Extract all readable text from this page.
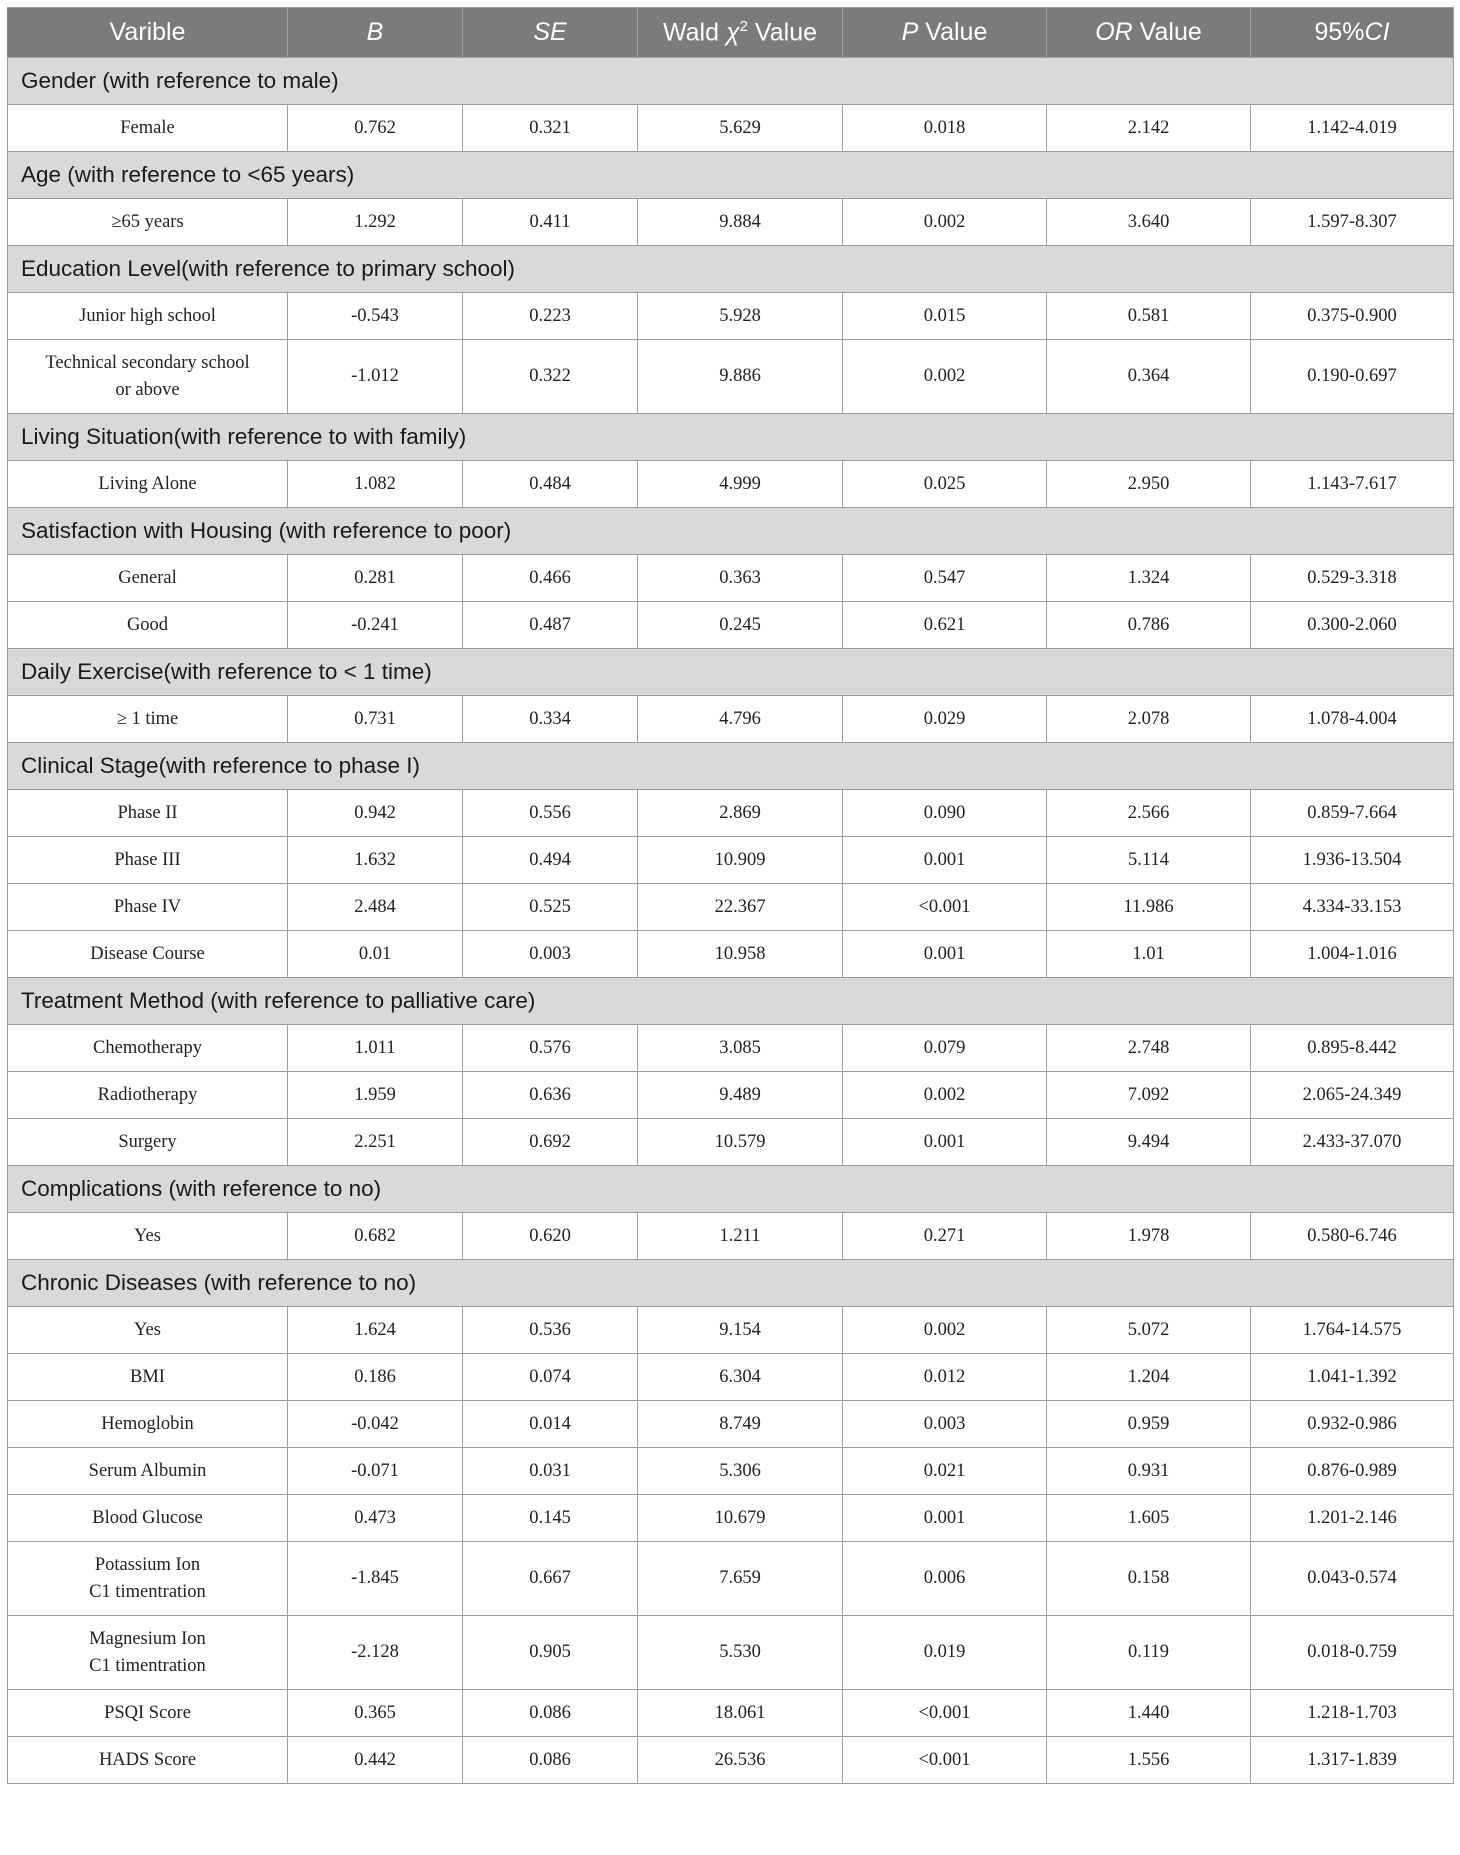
Varible	B	SE	Wald $\chi^2$ Value	P Value	OR Value	95%CI
Gender (with reference to male)						

Female	0.762	0.321	5.629	0.018	2.142	1.142-4.019
Age (with reference to <65 years)						

≥65 years	1.292	0.411	9.884	0.002	3.640	1.597-8.307
Education Level(with reference to primary school)						

Junior high school	-0.543	0.223	5.928	0.015	0.581	0.375-0.900

Technical secondary school
or above	-1.012	0.322	9.886	0.002	0.364	0.190-0.697
Living Situation(with reference to with family)						

Living Alone	1.082	0.484	4.999	0.025	2.950	1.143-7.617
Satisfaction with Housing (with reference to poor)						

General	0.281	0.466	0.363	0.547	1.324	0.529-3.318

Good	-0.241	0.487	0.245	0.621	0.786	0.300-2.060
Daily Exercise(with reference to < 1 time)						

≥ 1 time	0.731	0.334	4.796	0.029	2.078	1.078-4.004
Clinical Stage(with reference to phase I)						

Phase II	0.942	0.556	2.869	0.090	2.566	0.859-7.664

Phase III	1.632	0.494	10.909	0.001	5.114	1.936-13.504

Phase IV	2.484	0.525	22.367	<0.001	11.986	4.334-33.153

Disease Course	0.01	0.003	10.958	0.001	1.01	1.004-1.016
Treatment Method (with reference to palliative care)						

Chemotherapy	1.011	0.576	3.085	0.079	2.748	0.895-8.442

Radiotherapy	1.959	0.636	9.489	0.002	7.092	2.065-24.349

Surgery	2.251	0.692	10.579	0.001	9.494	2.433-37.070
Complications (with reference to no)						

Yes	0.682	0.620	1.211	0.271	1.978	0.580-6.746
Chronic Diseases (with reference to no)						

Yes	1.624	0.536	9.154	0.002	5.072	1.764-14.575

BMI	0.186	0.074	6.304	0.012	1.204	1.041-1.392

Hemoglobin	-0.042	0.014	8.749	0.003	0.959	0.932-0.986

Serum Albumin	-0.071	0.031	5.306	0.021	0.931	0.876-0.989

Blood Glucose	0.473	0.145	10.679	0.001	1.605	1.201-2.146

Potassium Ion
C1 timentration	-1.845	0.667	7.659	0.006	0.158	0.043-0.574

Magnesium Ion
C1 timentration	-2.128	0.905	5.530	0.019	0.119	0.018-0.759

PSQI Score	0.365	0.086	18.061	<0.001	1.440	1.218-1.703

HADS Score	0.442	0.086	26.536	<0.001	1.556	1.317-1.839
